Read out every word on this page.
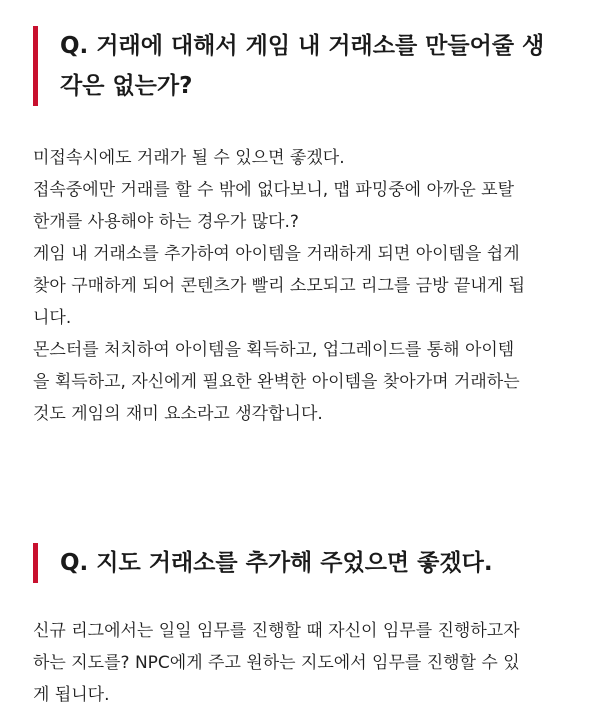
Q. 거래에 대해서 게임 내 거래소를 만들어줄 생
각은 없는가?

미접속시에도 거래가 될 수 있으면 좋겠다.

접속중에만 거래를 할 수 밖에 없다보니, 맵 파밍중에 아까운 포탈

한개를 사용해야 하는 경우가 많다.?

게임 내 거래소를 추가하여 아이템을 거래하게 되면 아이템을 쉽게

찾아 구매하게 되어 콘텐츠가 빨리 소모되고 리그를 금방 끝내게 됩

니다.

몬스터를 처치하여 아이템을 획득하고, 업그레이드를 통해 아이템

을 획득하고, 자신에게 필요한 완벽한 아이템을 찾아가며 거래하는

것도 게임의 재미 요소라고 생각합니다.

Q. 지도 거래소를 추가해 주었으면 좋겠다.

신규 리그에서는 일일 임무를 진행할 때 자신이 임무를 진행하고자

하는 지도를? NPC에게 주고 원하는 지도에서 임무를 진행할 수 있

게 됩니다.
